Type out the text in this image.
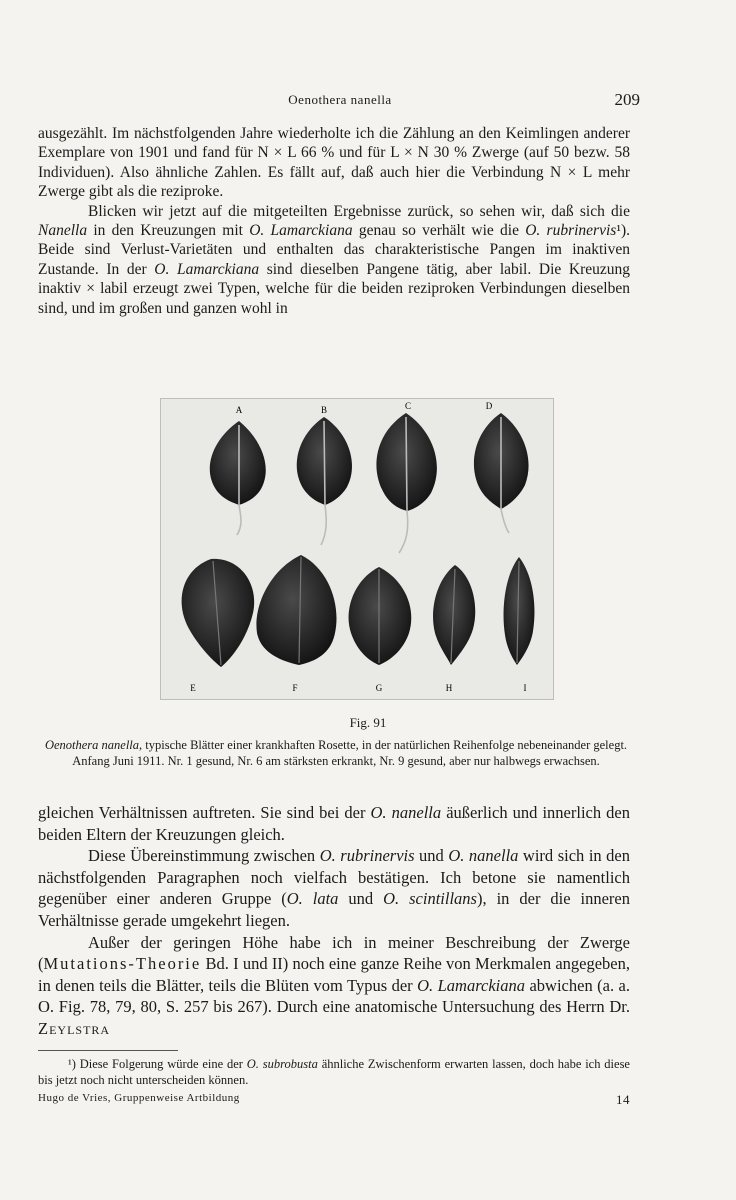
Oenothera nanella	209

ausgezählt. Im nächstfolgenden Jahre wiederholte ich die Zählung an den Keimlingen anderer Exemplare von 1901 und fand für N × L 66 % und für L × N 30 % Zwerge (auf 50 bezw. 58 Individuen). Also ähnliche Zahlen. Es fällt auf, daß auch hier die Verbindung N × L mehr Zwerge gibt als die reziproke.

Blicken wir jetzt auf die mitgeteilten Ergebnisse zurück, so sehen wir, daß sich die Nanella in den Kreuzungen mit O. Lamarckiana genau so verhält wie die O. rubrinervis¹). Beide sind Verlust-Varietäten und enthalten das charakteristische Pangen im inaktiven Zustande. In der O. Lamarckiana sind dieselben Pangene tätig, aber labil. Die Kreuzung inaktiv × labil erzeugt zwei Typen, welche für die beiden reziproken Verbindungen dieselben sind, und im großen und ganzen wohl in

A	B	C	D
E	F	G	H	I
Fig. 91

Oenothera nanella, typische Blätter einer krankhaften Rosette, in der natürlichen Reihenfolge nebeneinander gelegt. Anfang Juni 1911. Nr. 1 gesund, Nr. 6 am stärksten erkrankt, Nr. 9 gesund, aber nur halbwegs erwachsen.

gleichen Verhältnissen auftreten. Sie sind bei der O. nanella äußerlich und innerlich den beiden Eltern der Kreuzungen gleich.

Diese Übereinstimmung zwischen O. rubrinervis und O. nanella wird sich in den nächstfolgenden Paragraphen noch vielfach bestätigen. Ich betone sie namentlich gegenüber einer anderen Gruppe (O. lata und O. scintillans), in der die inneren Verhältnisse gerade umgekehrt liegen.

Außer der geringen Höhe habe ich in meiner Beschreibung der Zwerge (Mutations-Theorie Bd. I und II) noch eine ganze Reihe von Merkmalen angegeben, in denen teils die Blätter, teils die Blüten vom Typus der O. Lamarckiana abwichen (a. a. O. Fig. 78, 79, 80, S. 257 bis 267). Durch eine anatomische Untersuchung des Herrn Dr. Zeylstra

¹) Diese Folgerung würde eine der O. subrobusta ähnliche Zwischenform erwarten lassen, doch habe ich diese bis jetzt noch nicht unterscheiden können.

Hugo de Vries, Gruppenweise Artbildung	14
